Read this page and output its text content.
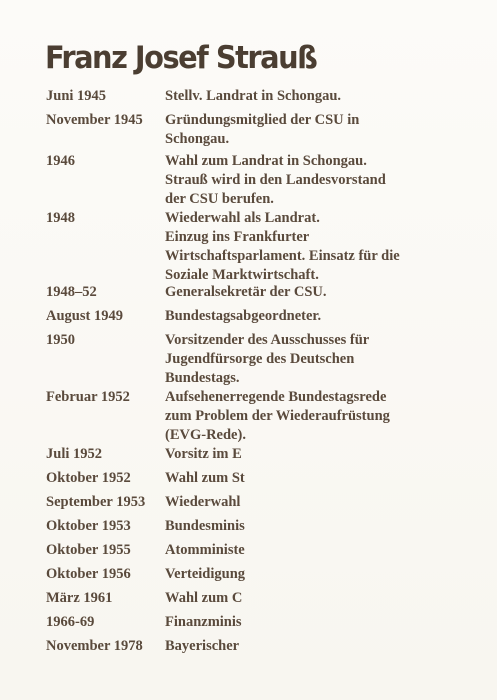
Franz Josef Strauß
Juni 1945	Stellv. Landrat in Schongau.
November 1945 Gründungsmitglied der CSU in
Schongau.
1946	Wahl zum Landrat in Schongau.
Strauß wird in den Landesvorstand
der CSU berufen.
1948	Wiederwahl als Landrat.
Einzug ins Frankfurter
Wirtschaftsparlament. Einsatz für die
Soziale Marktwirtschaft.
1948–52	Generalsekretär der CSU.
August 1949	Bundestagsabgeordneter.
1950	Vorsitzender des Ausschusses für
Jugendfürsorge des Deutschen
Bundestags.
Februar 1952 Aufsehenerregende Bundestagsrede
zum Problem der Wiederaufrüstung
(EVG-Rede).
Juli 1952	Vorsitz im E
Oktober 1952 Wahl zum St
September 1953 Wiederwahl
Oktober 1953 Bundesminis
Oktober 1955 Atomministe
Oktober 1956 Verteidigung
März 1961	Wahl zum C
1966-69	Finanzminis
November 1978 Bayerischer
